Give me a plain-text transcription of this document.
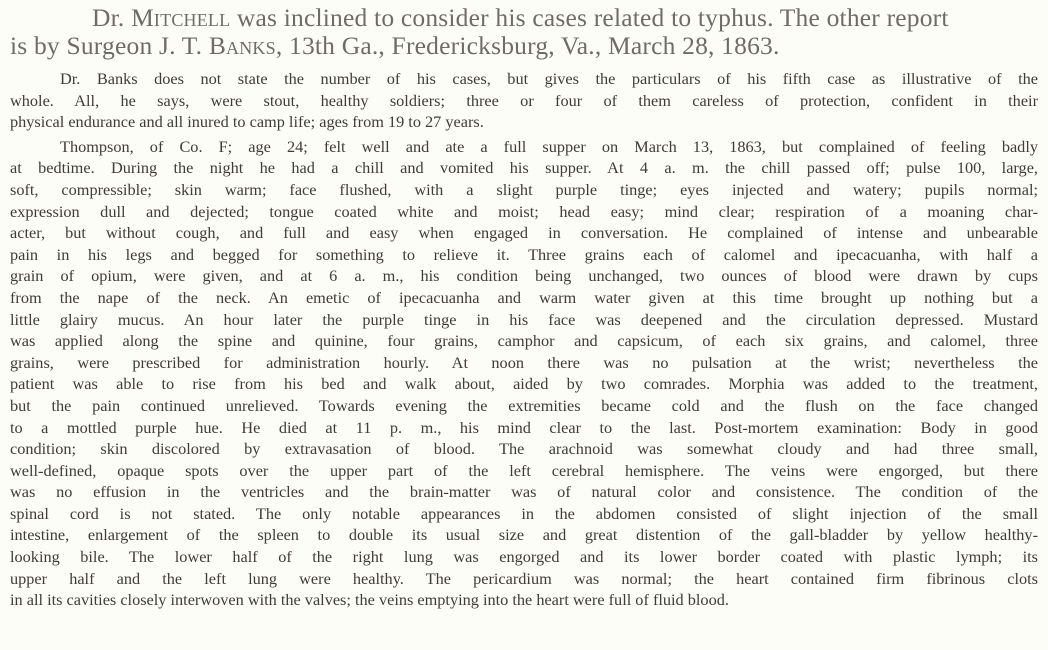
Dr. Mitchell was inclined to consider his cases related to typhus. The other report
is by Surgeon J. T. Banks, 13th Ga., Fredericksburg, Va., March 28, 1863.
Dr. Banks does not state the number of his cases, but gives the particulars of his fifth case as illustrative of the
whole. All, he says, were stout, healthy soldiers; three or four of them careless of protection, confident in their
physical endurance and all inured to camp life; ages from 19 to 27 years.
Thompson, of Co. F; age 24; felt well and ate a full supper on March 13, 1863, but complained of feeling badly
at bedtime. During the night he had a chill and vomited his supper. At 4 a. m. the chill passed off; pulse 100, large,
soft, compressible; skin warm; face flushed, with a slight purple tinge; eyes injected and watery; pupils normal;
expression dull and dejected; tongue coated white and moist; head easy; mind clear; respiration of a moaning char-
acter, but without cough, and full and easy when engaged in conversation. He complained of intense and unbearable
pain in his legs and begged for something to relieve it. Three grains each of calomel and ipecacuanha, with half a
grain of opium, were given, and at 6 a. m., his condition being unchanged, two ounces of blood were drawn by cups
from the nape of the neck. An emetic of ipecacuanha and warm water given at this time brought up nothing but a
little glairy mucus. An hour later the purple tinge in his face was deepened and the circulation depressed. Mustard
was applied along the spine and quinine, four grains, camphor and capsicum, of each six grains, and calomel, three
grains, were prescribed for administration hourly. At noon there was no pulsation at the wrist; nevertheless the
patient was able to rise from his bed and walk about, aided by two comrades. Morphia was added to the treatment,
but the pain continued unrelieved. Towards evening the extremities became cold and the flush on the face changed
to a mottled purple hue. He died at 11 p. m., his mind clear to the last. Post-mortem examination: Body in good
condition; skin discolored by extravasation of blood. The arachnoid was somewhat cloudy and had three small,
well-defined, opaque spots over the upper part of the left cerebral hemisphere. The veins were engorged, but there
was no effusion in the ventricles and the brain-matter was of natural color and consistence. The condition of the
spinal cord is not stated. The only notable appearances in the abdomen consisted of slight injection of the small
intestine, enlargement of the spleen to double its usual size and great distention of the gall-bladder by yellow healthy-
looking bile. The lower half of the right lung was engorged and its lower border coated with plastic lymph; its
upper half and the left lung were healthy. The pericardium was normal; the heart contained firm fibrinous clots
in all its cavities closely interwoven with the valves; the veins emptying into the heart were full of fluid blood.
